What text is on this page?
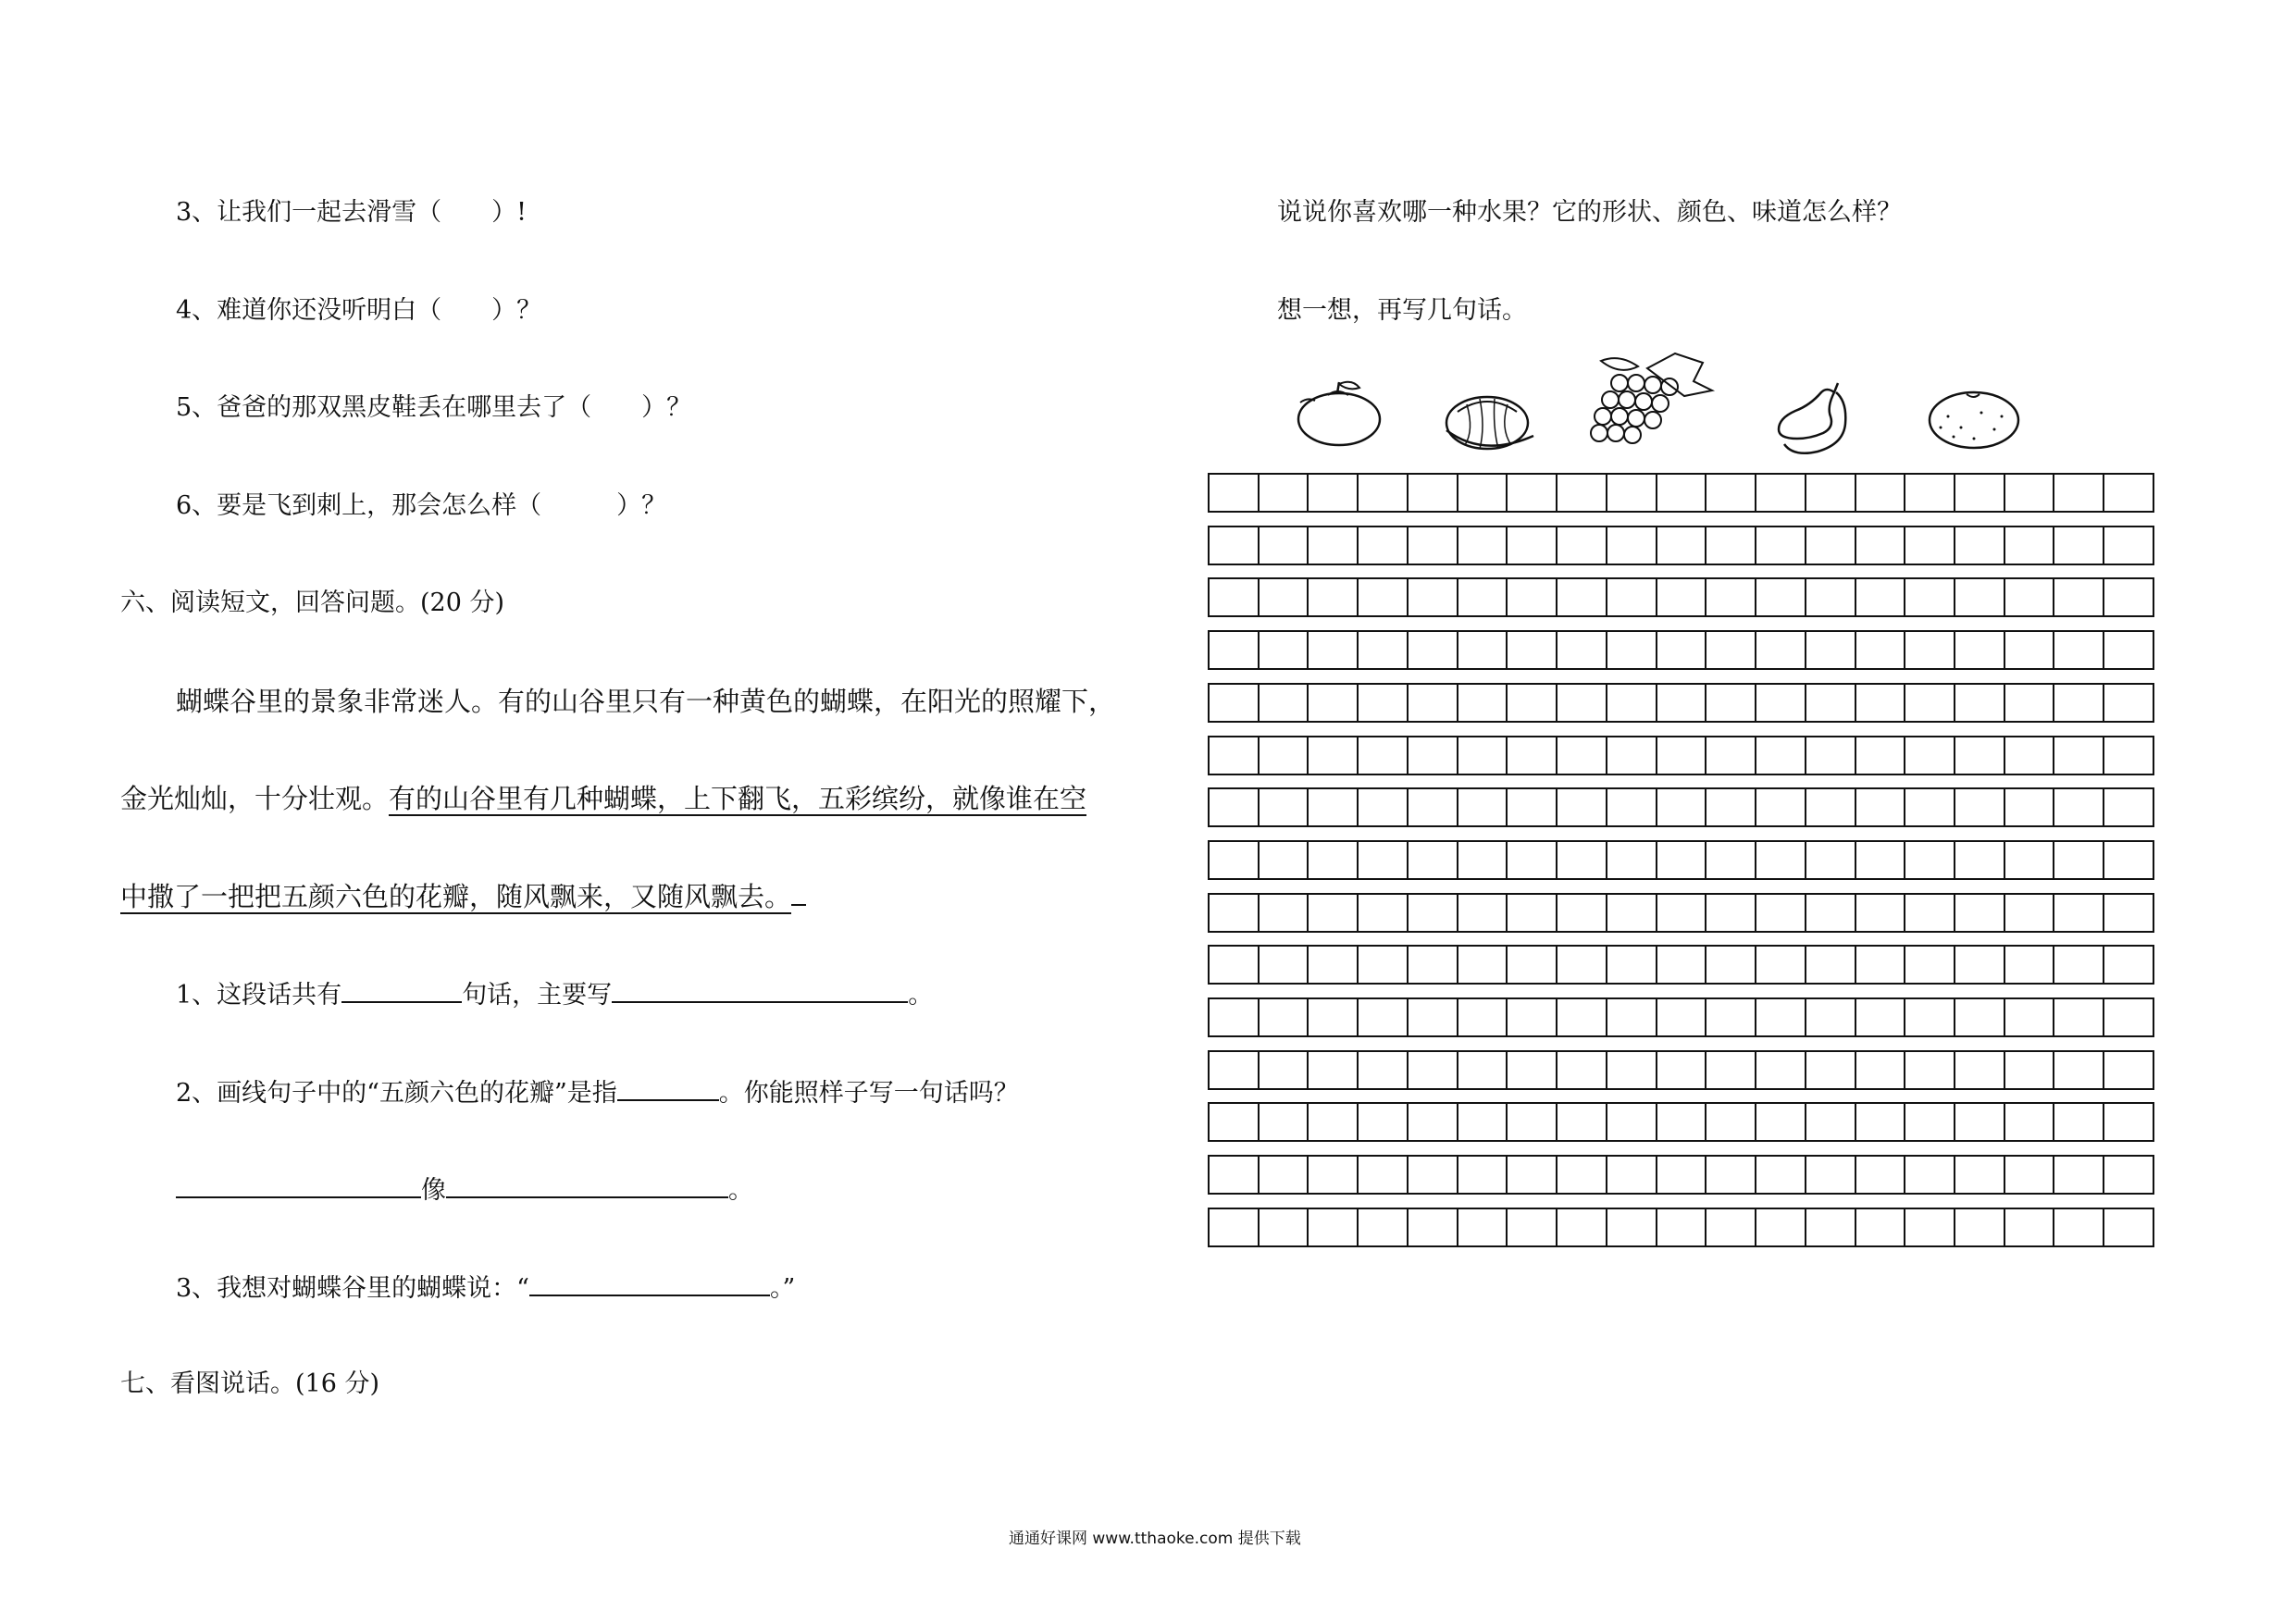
3、让我们一起去滑雪（　　）!
4、难道你还没听明白（　　）？
5、爸爸的那双黑皮鞋丢在哪里去了（　　）？
6、要是飞到刺上，那会怎么样（　　　）？
六、阅读短文，回答问题。(20 分)
蝴蝶谷里的景象非常迷人。有的山谷里只有一种黄色的蝴蝶，在阳光的照耀下，
金光灿灿，十分壮观。有的山谷里有几种蝴蝶，上下翻飞，五彩缤纷，就像谁在空
中撒了一把把五颜六色的花瓣，随风飘来，又随风飘去。
1、这段话共有	句话，主要写	。
2、画线句子中的“五颜六色的花瓣”是指	。你能照样子写一句话吗？
像	。
3、我想对蝴蝶谷里的蝴蝶说：“	。”
七、看图说话。(16 分)
说说你喜欢哪一种水果？它的形状、颜色、味道怎么样？
想一想，再写几句话。
通通好课网 www.tthaoke.com 提供下载
